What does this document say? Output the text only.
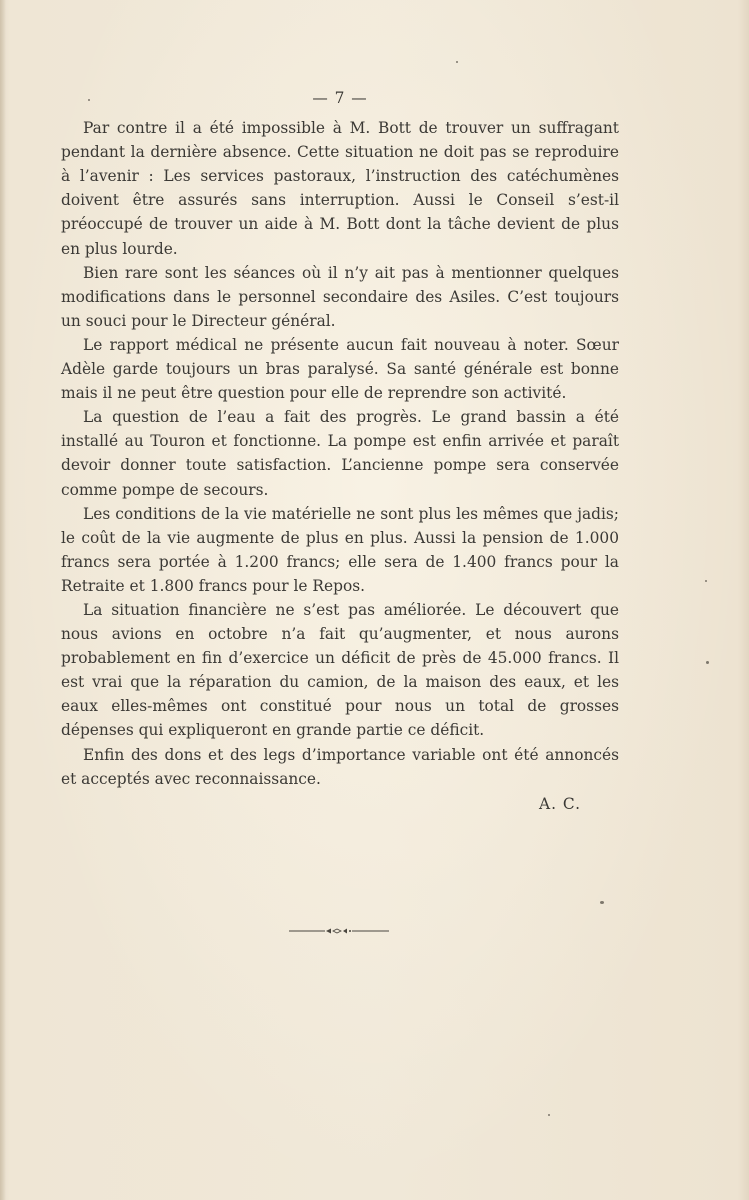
— 7 —

Par contre il a été impossible à M. Bott de trouver un suffragant pendant la dernière absence. Cette situation ne doit pas se reproduire à l’avenir : Les services pastoraux, l’instruction des catéchumènes doivent être assurés sans interruption. Aussi le Conseil s’est-il préoccupé de trouver un aide à M. Bott dont la tâche devient de plus en plus lourde.

Bien rare sont les séances où il n’y ait pas à mentionner quelques modifications dans le personnel secondaire des Asiles. C’est toujours un souci pour le Directeur général.

Le rapport médical ne présente aucun fait nouveau à noter. Sœur Adèle garde toujours un bras paralysé. Sa santé générale est bonne mais il ne peut être question pour elle de reprendre son activité.

La question de l’eau a fait des progrès. Le grand bassin a été installé au Touron et fonctionne. La pompe est enfin arrivée et paraît devoir donner toute satisfaction. L’ancienne pompe sera conservée comme pompe de secours.

Les conditions de la vie matérielle ne sont plus les mêmes que jadis; le coût de la vie augmente de plus en plus. Aussi la pension de 1.000 francs sera portée à 1.200 francs; elle sera de 1.400 francs pour la Retraite et 1.800 francs pour le Repos.

La situation financière ne s’est pas améliorée. Le découvert que nous avions en octobre n’a fait qu’augmenter, et nous aurons probablement en fin d’exercice un déficit de près de 45.000 francs. Il est vrai que la réparation du camion, de la maison des eaux, et les eaux elles-mêmes ont constitué pour nous un total de grosses dépenses qui expliqueront en grande partie ce déficit.

Enfin des dons et des legs d’importance variable ont été annoncés et acceptés avec reconnaissance.

A. C.
